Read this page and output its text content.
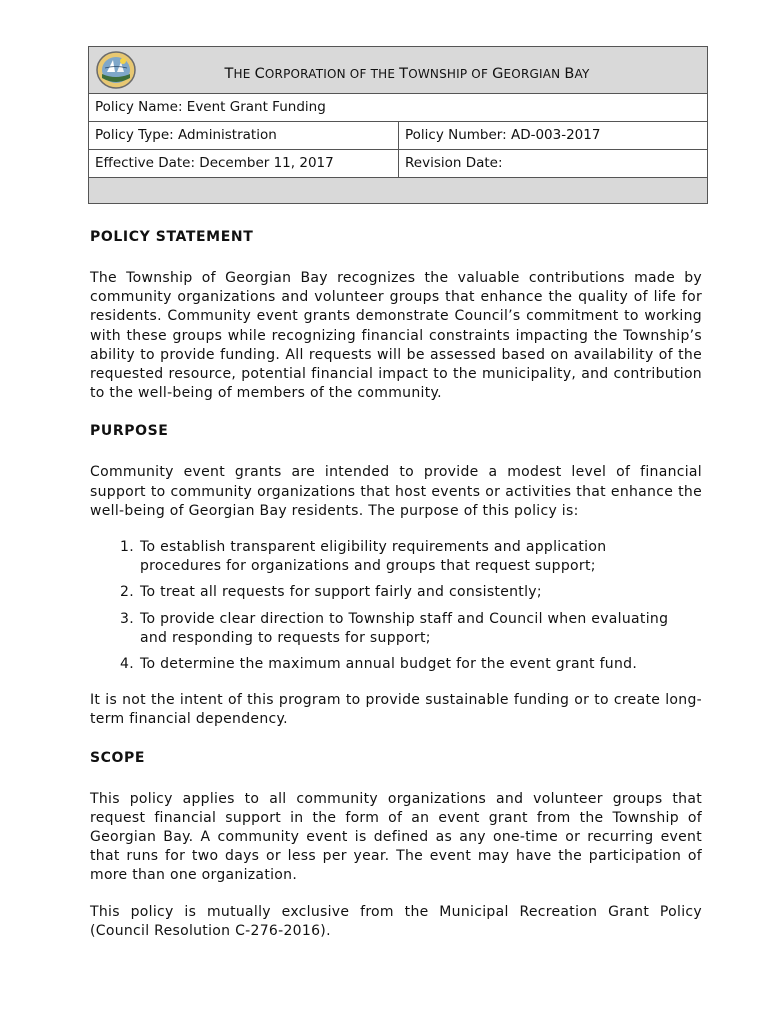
THE CORPORATION OF THE TOWNSHIP OF GEORGIAN BAY
Policy Name: Event Grant Funding
Policy Type: Administration	Policy Number: AD-003-2017
Effective Date: December 11, 2017	Revision Date:
POLICY STATEMENT

The Township of Georgian Bay recognizes the valuable contributions made by community organizations and volunteer groups that enhance the quality of life for residents. Community event grants demonstrate Council’s commitment to working with these groups while recognizing financial constraints impacting the Township’s ability to provide funding. All requests will be assessed based on availability of the requested resource, potential financial impact to the municipality, and contribution to the well-being of members of the community.

PURPOSE

Community event grants are intended to provide a modest level of financial support to community organizations that host events or activities that enhance the well-being of Georgian Bay residents. The purpose of this policy is:

1. To establish transparent eligibility requirements and application procedures for organizations and groups that request support;
2. To treat all requests for support fairly and consistently;
3. To provide clear direction to Township staff and Council when evaluating and responding to requests for support;
4. To determine the maximum annual budget for the event grant fund.

It is not the intent of this program to provide sustainable funding or to create long-term financial dependency.

SCOPE

This policy applies to all community organizations and volunteer groups that request financial support in the form of an event grant from the Township of Georgian Bay. A community event is defined as any one-time or recurring event that runs for two days or less per year. The event may have the participation of more than one organization.

This policy is mutually exclusive from the Municipal Recreation Grant Policy (Council Resolution C-276-2016).
